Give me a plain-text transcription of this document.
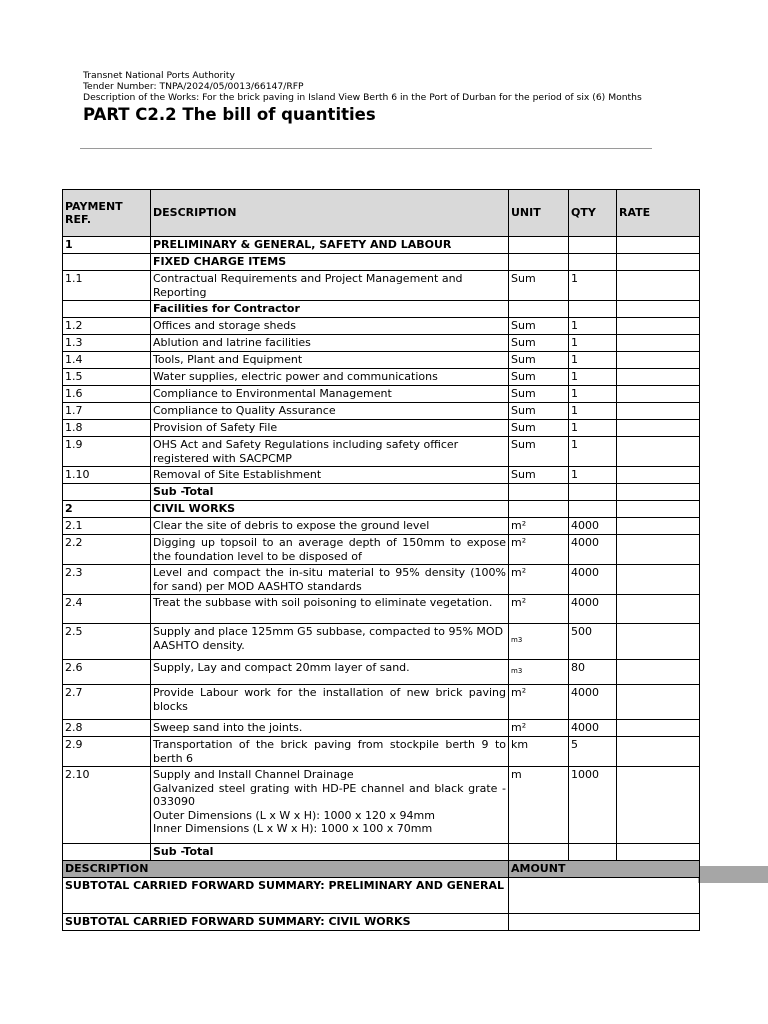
Transnet National Ports Authority
Tender Number: TNPA/2024/05/0013/66147/RFP
Description of the Works: For the brick paving in Island View Berth 6 in the Port of Durban for the period of six (6) Months
PART C2.2 The bill of quantities
PAYMENT REF.	DESCRIPTION	UNIT	QTY	RATE
1	PRELIMINARY & GENERAL, SAFETY AND LABOUR			
	FIXED CHARGE ITEMS			
1.1	Contractual Requirements and Project Management and Reporting	Sum	1	
	Facilities for Contractor			
1.2	Offices and storage sheds	Sum	1	
1.3	Ablution and latrine facilities	Sum	1	
1.4	Tools, Plant and Equipment	Sum	1	
1.5	Water supplies, electric power and communications	Sum	1	
1.6	Compliance to Environmental Management	Sum	1	
1.7	Compliance to Quality Assurance	Sum	1	
1.8	Provision of Safety File	Sum	1	
1.9	OHS Act and Safety Regulations including safety officer registered with SACPCMP	Sum	1	
1.10	Removal of Site Establishment	Sum	1	
	Sub -Total			
2	CIVIL WORKS			
2.1	Clear the site of debris to expose the ground level	m²	4000	
2.2	Digging up topsoil to an average depth of 150mm to expose the foundation level to be disposed of	m²	4000	
2.3	Level and compact the in-situ material to 95% density (100% for sand) per MOD AASHTO standards	m²	4000	
2.4	Treat the subbase with soil poisoning to eliminate vegetation.	m²	4000	
2.5	Supply and place 125mm G5 subbase, compacted to 95% MOD AASHTO density.	m3	500	
2.6	Supply, Lay and compact 20mm layer of sand.	m3	80	
2.7	Provide Labour work for the installation of new brick paving blocks	m²	4000	
2.8	Sweep sand into the joints.	m²	4000	
2.9	Transportation of the brick paving from stockpile berth 9 to berth 6	km	5	
2.10	Supply and Install Channel Drainage
Galvanized steel grating with HD-PE channel and black grate - 033090
Outer Dimensions (L x W x H): 1000 x 120 x 94mm
Inner Dimensions (L x W x H): 1000 x 100 x 70mm	m	1000	
	Sub -Total			
DESCRIPTION		AMOUNT		
SUBTOTAL CARRIED FORWARD SUMMARY: PRELIMINARY AND GENERAL				
SUBTOTAL CARRIED FORWARD SUMMARY: CIVIL WORKS				
